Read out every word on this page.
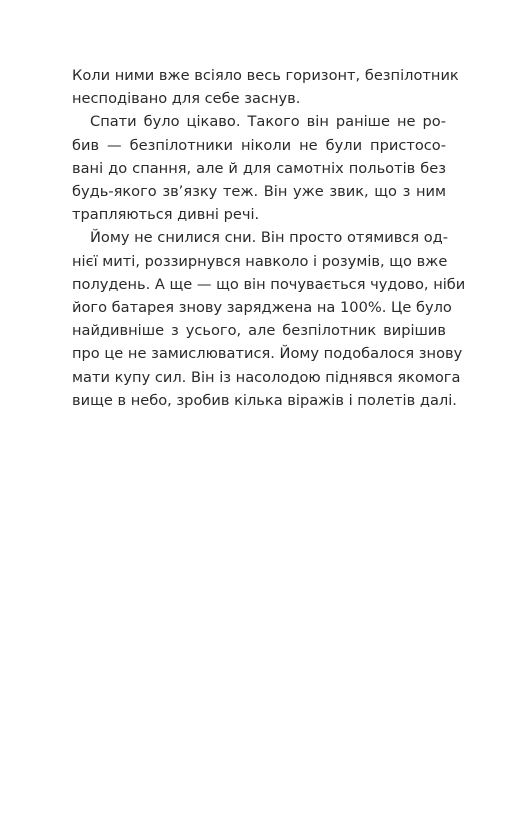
Коли ними вже всіяло весь горизонт, безпілотник
несподівано для себе заснув.
Спати було цікаво. Такого він раніше не ро-
бив — безпілотники ніколи не були пристосо-
вані до спання, але й для самотніх польотів без
будь-якого зв’язку теж. Він уже звик, що з ним
трапляються дивні речі.
Йому не снилися сни. Він просто отямився од-
нієї миті, роззирнувся навколо і розумів, що вже
полудень. А ще — що він почувається чудово, ніби
його батарея знову заряджена на 100%. Це було
найдивніше з усього, але безпілотник вирішив
про це не замислюватися. Йому подобалося знову
мати купу сил. Він із насолодою піднявся якомога
вище в небо, зробив кілька віражів і полетів далі.
